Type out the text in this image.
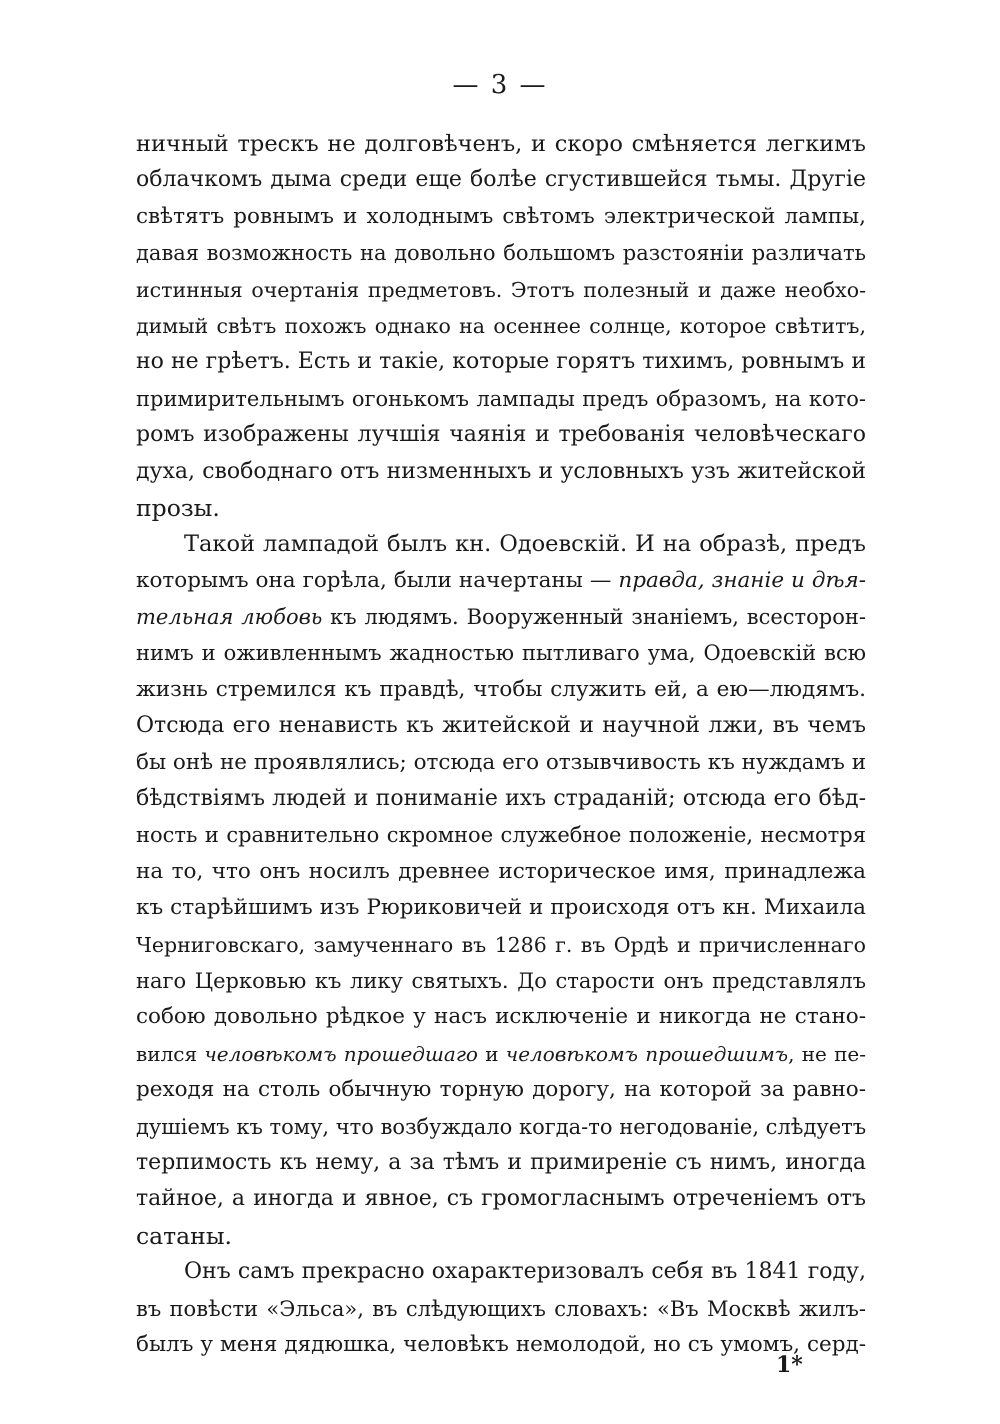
— 3 —
ничный трескъ не долговѣченъ, и скоро смѣняется легкимъ
облачкомъ дыма среди еще болѣе сгустившейся тьмы. Другіе
свѣтятъ ровнымъ и холоднымъ свѣтомъ электрической лампы,
давая возможность на довольно большомъ разстояніи различать
истинныя очертанія предметовъ. Этотъ полезный и даже необхо-
димый свѣтъ похожъ однако на осеннее солнце, которое свѣтитъ,
но не грѣетъ. Есть и такіе, которые горятъ тихимъ, ровнымъ и
примирительнымъ огонькомъ лампады предъ образомъ, на кото-
ромъ изображены лучшія чаянія и требованія человѣческаго
духа, свободнаго отъ низменныхъ и условныхъ узъ житейской
прозы.
Такой лампадой былъ кн. Одоевскій. И на образѣ, предъ
которымъ она горѣла, были начертаны — правда, знаніе и дѣя-
тельная любовь къ людямъ. Вооруженный знаніемъ, всесторон-
нимъ и оживленнымъ жадностью пытливаго ума, Одоевскій всю
жизнь стремился къ правдѣ, чтобы служить ей, а ею—людямъ.
Отсюда его ненависть къ житейской и научной лжи, въ чемъ
бы онѣ не проявлялись; отсюда его отзывчивость къ нуждамъ и
бѣдствіямъ людей и пониманіе ихъ страданій; отсюда его бѣд-
ность и сравнительно скромное служебное положеніе, несмотря
на то, что онъ носилъ древнее историческое имя, принадлежа
къ старѣйшимъ изъ Рюриковичей и происходя отъ кн. Михаила
Черниговскаго, замученнаго въ 1286 г. въ Ордѣ и причисленнаго
наго Церковью къ лику святыхъ. До старости онъ представлялъ
собою довольно рѣдкое у насъ исключеніе и никогда не стано-
вился человѣкомъ прошедшаго и человѣкомъ прошедшимъ, не пе-
реходя на столь обычную торную дорогу, на которой за равно-
душіемъ къ тому, что возбуждало когда-то негодованіе, слѣдуетъ
терпимость къ нему, а за тѣмъ и примиреніе съ нимъ, иногда
тайное, а иногда и явное, съ громогласнымъ отреченіемъ отъ
сатаны.
Онъ самъ прекрасно охарактеризовалъ себя въ 1841 году,
въ повѣсти «Эльса», въ слѣдующихъ словахъ: «Въ Москвѣ жилъ-
былъ у меня дядюшка, человѣкъ немолодой, но съ умомъ, серд-
1*
